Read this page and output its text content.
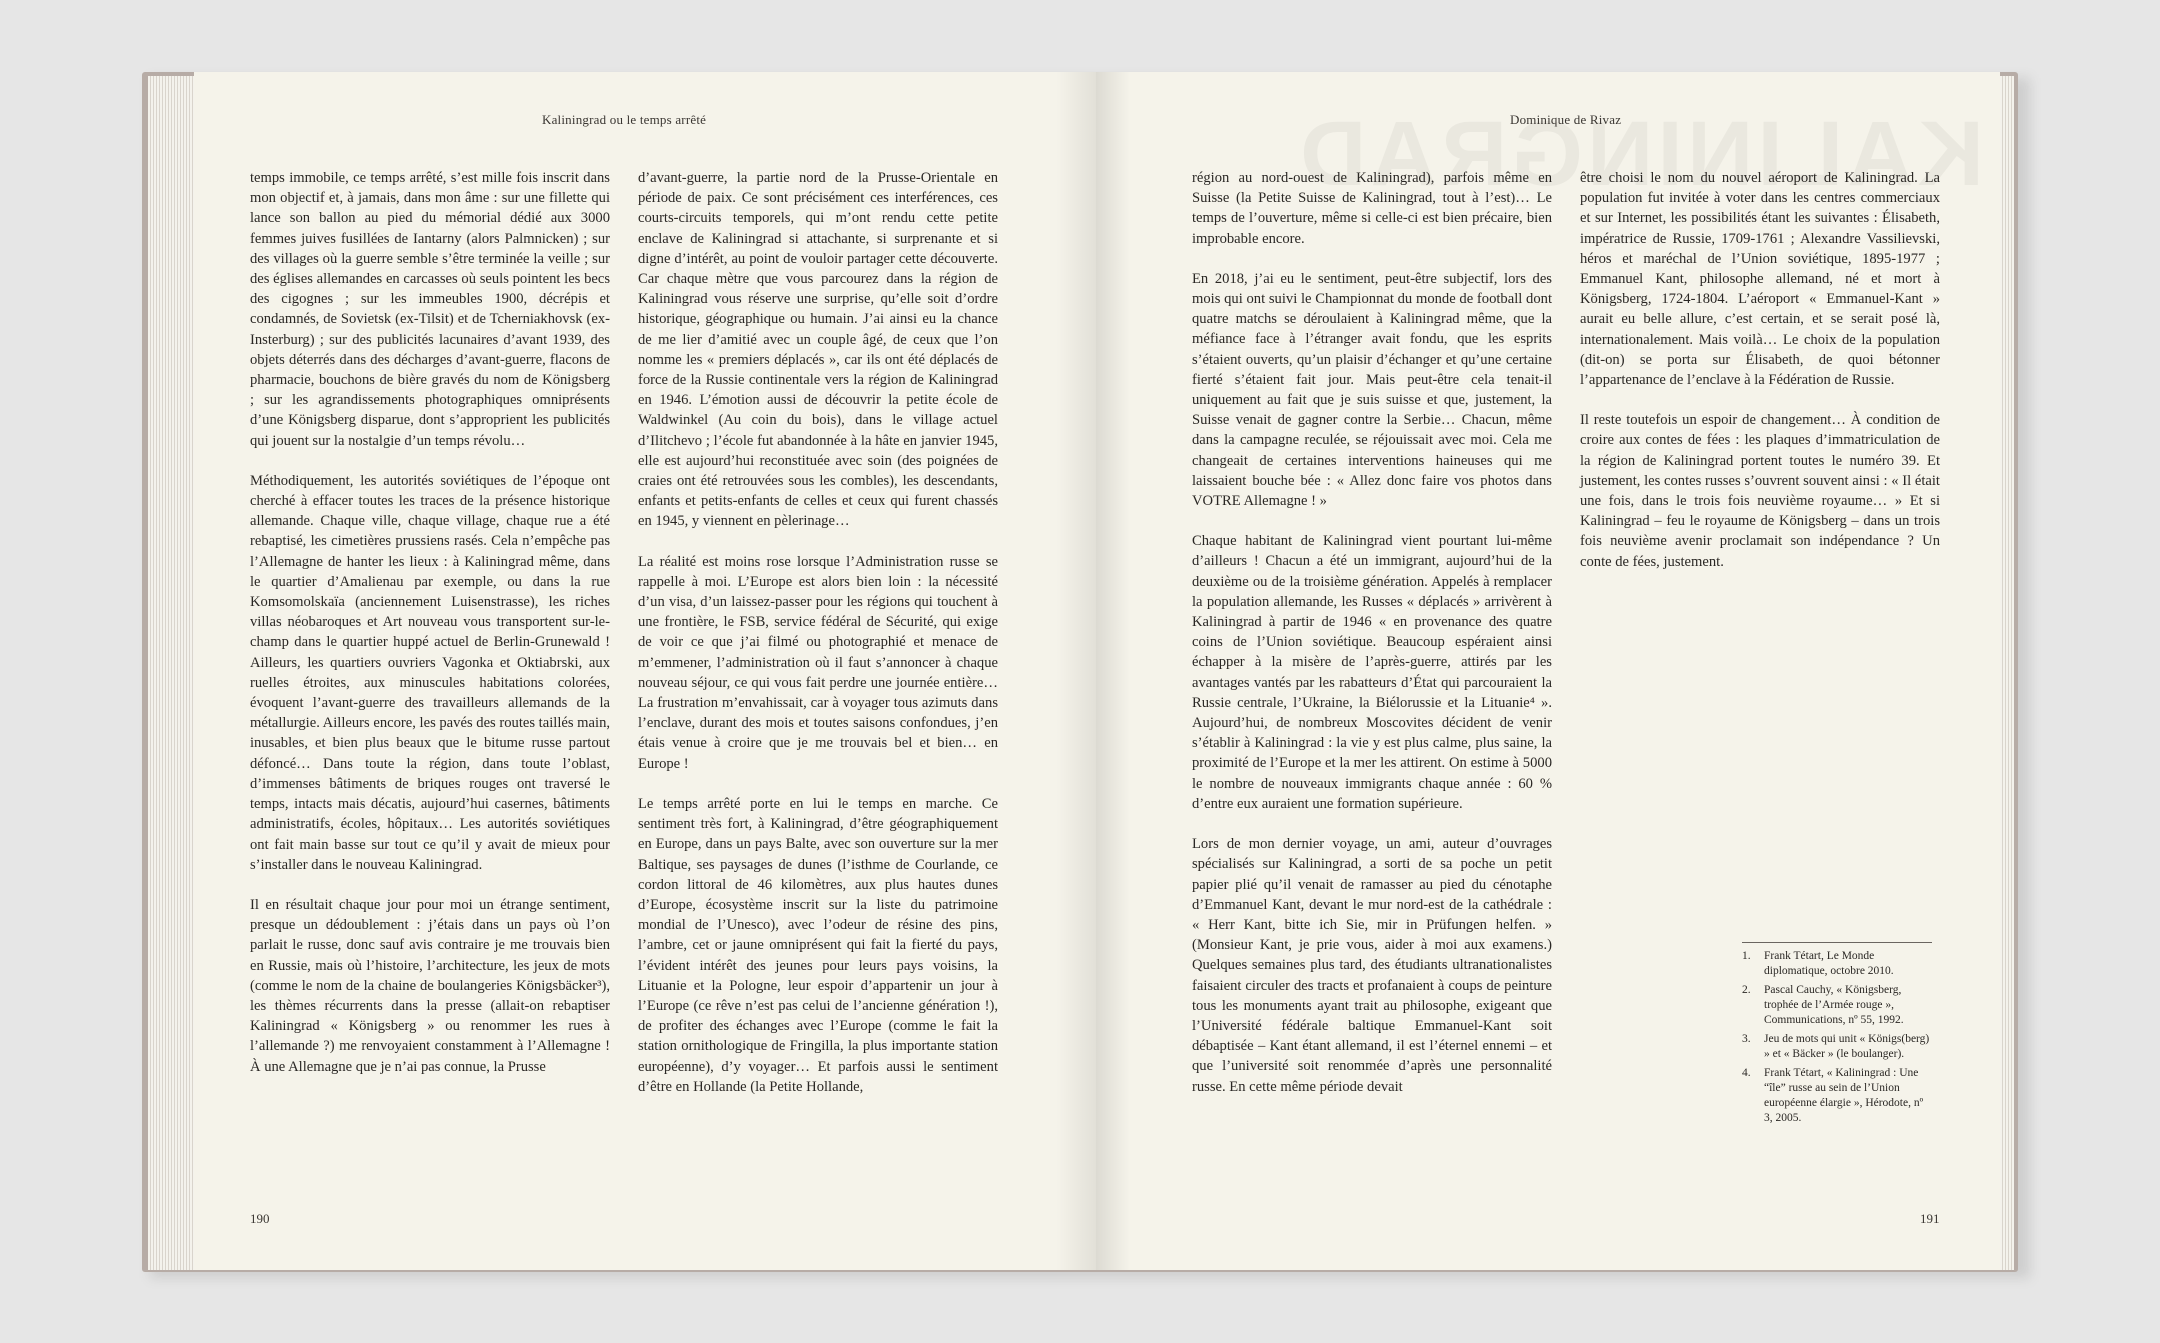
Kaliningrad ou le temps arrêté

temps immobile, ce temps arrêté, s’est mille fois inscrit dans mon objectif et, à jamais, dans mon âme : sur une fillette qui lance son ballon au pied du mémorial dédié aux 3000 femmes juives fusillées de Iantarny (alors Palmnicken) ; sur des villages où la guerre semble s’être terminée la veille ; sur des églises allemandes en carcasses où seuls pointent les becs des cigognes ; sur les immeubles 1900, décrépis et condamnés, de Sovietsk (ex-Tilsit) et de Tcherniakhovsk (ex-Insterburg) ; sur des publicités lacunaires d’avant 1939, des objets déterrés dans des décharges d’avant-guerre, flacons de pharmacie, bouchons de bière gravés du nom de Königsberg ; sur les agrandissements photographiques omniprésents d’une Königsberg disparue, dont s’approprient les publicités qui jouent sur la nostalgie d’un temps révolu…

Méthodiquement, les autorités soviétiques de l’époque ont cherché à effacer toutes les traces de la présence historique allemande. Chaque ville, chaque village, chaque rue a été rebaptisé, les cimetières prussiens rasés. Cela n’empêche pas l’Allemagne de hanter les lieux : à Kaliningrad même, dans le quartier d’Amalienau par exemple, ou dans la rue Komsomolskaïa (anciennement Luisenstrasse), les riches villas néobaroques et Art nouveau vous transportent sur-le-champ dans le quartier huppé actuel de Berlin-Grunewald ! Ailleurs, les quartiers ouvriers Vagonka et Oktiabrski, aux ruelles étroites, aux minuscules habitations colorées, évoquent l’avant-guerre des travailleurs allemands de la métallurgie. Ailleurs encore, les pavés des routes taillés main, inusables, et bien plus beaux que le bitume russe partout défoncé… Dans toute la région, dans toute l’oblast, d’immenses bâtiments de briques rouges ont traversé le temps, intacts mais décatis, aujourd’hui casernes, bâtiments administratifs, écoles, hôpitaux… Les autorités soviétiques ont fait main basse sur tout ce qu’il y avait de mieux pour s’installer dans le nouveau Kaliningrad.

Il en résultait chaque jour pour moi un étrange sentiment, presque un dédoublement : j’étais dans un pays où l’on parlait le russe, donc sauf avis contraire je me trouvais bien en Russie, mais où l’histoire, l’architecture, les jeux de mots (comme le nom de la chaine de boulangeries Königsbäcker³), les thèmes récurrents dans la presse (allait-on rebaptiser Kaliningrad « Königsberg » ou renommer les rues à l’allemande ?) me renvoyaient constamment à l’Allemagne ! À une Allemagne que je n’ai pas connue, la Prusse

d’avant-guerre, la partie nord de la Prusse-Orientale en période de paix. Ce sont précisément ces interférences, ces courts-circuits temporels, qui m’ont rendu cette petite enclave de Kaliningrad si attachante, si surprenante et si digne d’intérêt, au point de vouloir partager cette découverte. Car chaque mètre que vous parcourez dans la région de Kaliningrad vous réserve une surprise, qu’elle soit d’ordre historique, géographique ou humain. J’ai ainsi eu la chance de me lier d’amitié avec un couple âgé, de ceux que l’on nomme les « premiers déplacés », car ils ont été déplacés de force de la Russie continentale vers la région de Kaliningrad en 1946. L’émotion aussi de découvrir la petite école de Waldwinkel (Au coin du bois), dans le village actuel d’Ilitchevo ; l’école fut abandonnée à la hâte en janvier 1945, elle est aujourd’hui reconstituée avec soin (des poignées de craies ont été retrouvées sous les combles), les descendants, enfants et petits-enfants de celles et ceux qui furent chassés en 1945, y viennent en pèlerinage…

La réalité est moins rose lorsque l’Administration russe se rappelle à moi. L’Europe est alors bien loin : la nécessité d’un visa, d’un laissez-passer pour les régions qui touchent à une frontière, le FSB, service fédéral de Sécurité, qui exige de voir ce que j’ai filmé ou photographié et menace de m’emmener, l’administration où il faut s’annoncer à chaque nouveau séjour, ce qui vous fait perdre une journée entière… La frustration m’envahissait, car à voyager tous azimuts dans l’enclave, durant des mois et toutes saisons confondues, j’en étais venue à croire que je me trouvais bel et bien… en Europe !

Le temps arrêté porte en lui le temps en marche. Ce sentiment très fort, à Kaliningrad, d’être géographiquement en Europe, dans un pays Balte, avec son ouverture sur la mer Baltique, ses paysages de dunes (l’isthme de Courlande, ce cordon littoral de 46 kilomètres, aux plus hautes dunes d’Europe, écosystème inscrit sur la liste du patrimoine mondial de l’Unesco), avec l’odeur de résine des pins, l’ambre, cet or jaune omniprésent qui fait la fierté du pays, l’évident intérêt des jeunes pour leurs pays voisins, la Lituanie et la Pologne, leur espoir d’appartenir un jour à l’Europe (ce rêve n’est pas celui de l’ancienne génération !), de profiter des échanges avec l’Europe (comme le fait la station ornithologique de Fringilla, la plus importante station européenne), d’y voyager… Et parfois aussi le sentiment d’être en Hollande (la Petite Hollande,

190
Dominique de Rivaz

région au nord-ouest de Kaliningrad), parfois même en Suisse (la Petite Suisse de Kaliningrad, tout à l’est)… Le temps de l’ouverture, même si celle-ci est bien précaire, bien improbable encore.

En 2018, j’ai eu le sentiment, peut-être subjectif, lors des mois qui ont suivi le Championnat du monde de football dont quatre matchs se déroulaient à Kaliningrad même, que la méfiance face à l’étranger avait fondu, que les esprits s’étaient ouverts, qu’un plaisir d’échanger et qu’une certaine fierté s’étaient fait jour. Mais peut-être cela tenait-il uniquement au fait que je suis suisse et que, justement, la Suisse venait de gagner contre la Serbie… Chacun, même dans la campagne reculée, se réjouissait avec moi. Cela me changeait de certaines interventions haineuses qui me laissaient bouche bée : « Allez donc faire vos photos dans VOTRE Allemagne ! »

Chaque habitant de Kaliningrad vient pourtant lui-même d’ailleurs ! Chacun a été un immigrant, aujourd’hui de la deuxième ou de la troisième génération. Appelés à remplacer la population allemande, les Russes « déplacés » arrivèrent à Kaliningrad à partir de 1946 « en provenance des quatre coins de l’Union soviétique. Beaucoup espéraient ainsi échapper à la misère de l’après-guerre, attirés par les avantages vantés par les rabatteurs d’État qui parcouraient la Russie centrale, l’Ukraine, la Biélorussie et la Lituanie⁴ ». Aujourd’hui, de nombreux Moscovites décident de venir s’établir à Kaliningrad : la vie y est plus calme, plus saine, la proximité de l’Europe et la mer les attirent. On estime à 5000 le nombre de nouveaux immigrants chaque année : 60 % d’entre eux auraient une formation supérieure.

Lors de mon dernier voyage, un ami, auteur d’ouvrages spécialisés sur Kaliningrad, a sorti de sa poche un petit papier plié qu’il venait de ramasser au pied du cénotaphe d’Emmanuel Kant, devant le mur nord-est de la cathédrale : « Herr Kant, bitte ich Sie, mir in Prüfungen helfen. » (Monsieur Kant, je prie vous, aider à moi aux examens.) Quelques semaines plus tard, des étudiants ultranationalistes faisaient circuler des tracts et profanaient à coups de peinture tous les monuments ayant trait au philosophe, exigeant que l’Université fédérale baltique Emmanuel-Kant soit débaptisée – Kant étant allemand, il est l’éternel ennemi – et que l’université soit renommée d’après une personnalité russe. En cette même période devait

être choisi le nom du nouvel aéroport de Kaliningrad. La population fut invitée à voter dans les centres commerciaux et sur Internet, les possibilités étant les suivantes : Élisabeth, impératrice de Russie, 1709-1761 ; Alexandre Vassilievski, héros et maréchal de l’Union soviétique, 1895-1977 ; Emmanuel Kant, philosophe allemand, né et mort à Königsberg, 1724-1804. L’aéroport « Emmanuel-Kant » aurait eu belle allure, c’est certain, et se serait posé là, internationalement. Mais voilà… Le choix de la population (dit-on) se porta sur Élisabeth, de quoi bétonner l’appartenance de l’enclave à la Fédération de Russie.

Il reste toutefois un espoir de changement… À condition de croire aux contes de fées : les plaques d’immatriculation de la région de Kaliningrad portent toutes le numéro 39. Et justement, les contes russes s’ouvrent souvent ainsi : « Il était une fois, dans le trois fois neuvième royaume… » Et si Kaliningrad – feu le royaume de Königsberg – dans un trois fois neuvième avenir proclamait son indépendance ? Un conte de fées, justement.

1.	Frank Tétart, Le Monde diplomatique, octobre 2010.
2.	Pascal Cauchy, « Königsberg, trophée de l’Armée rouge », Communications, nº 55, 1992.
3.	Jeu de mots qui unit « Königs(berg) » et « Bäcker » (le boulanger).
4.	Frank Tétart, « Kaliningrad : Une “île” russe au sein de l’Union européenne élargie », Hérodote, nº 3, 2005.
191
